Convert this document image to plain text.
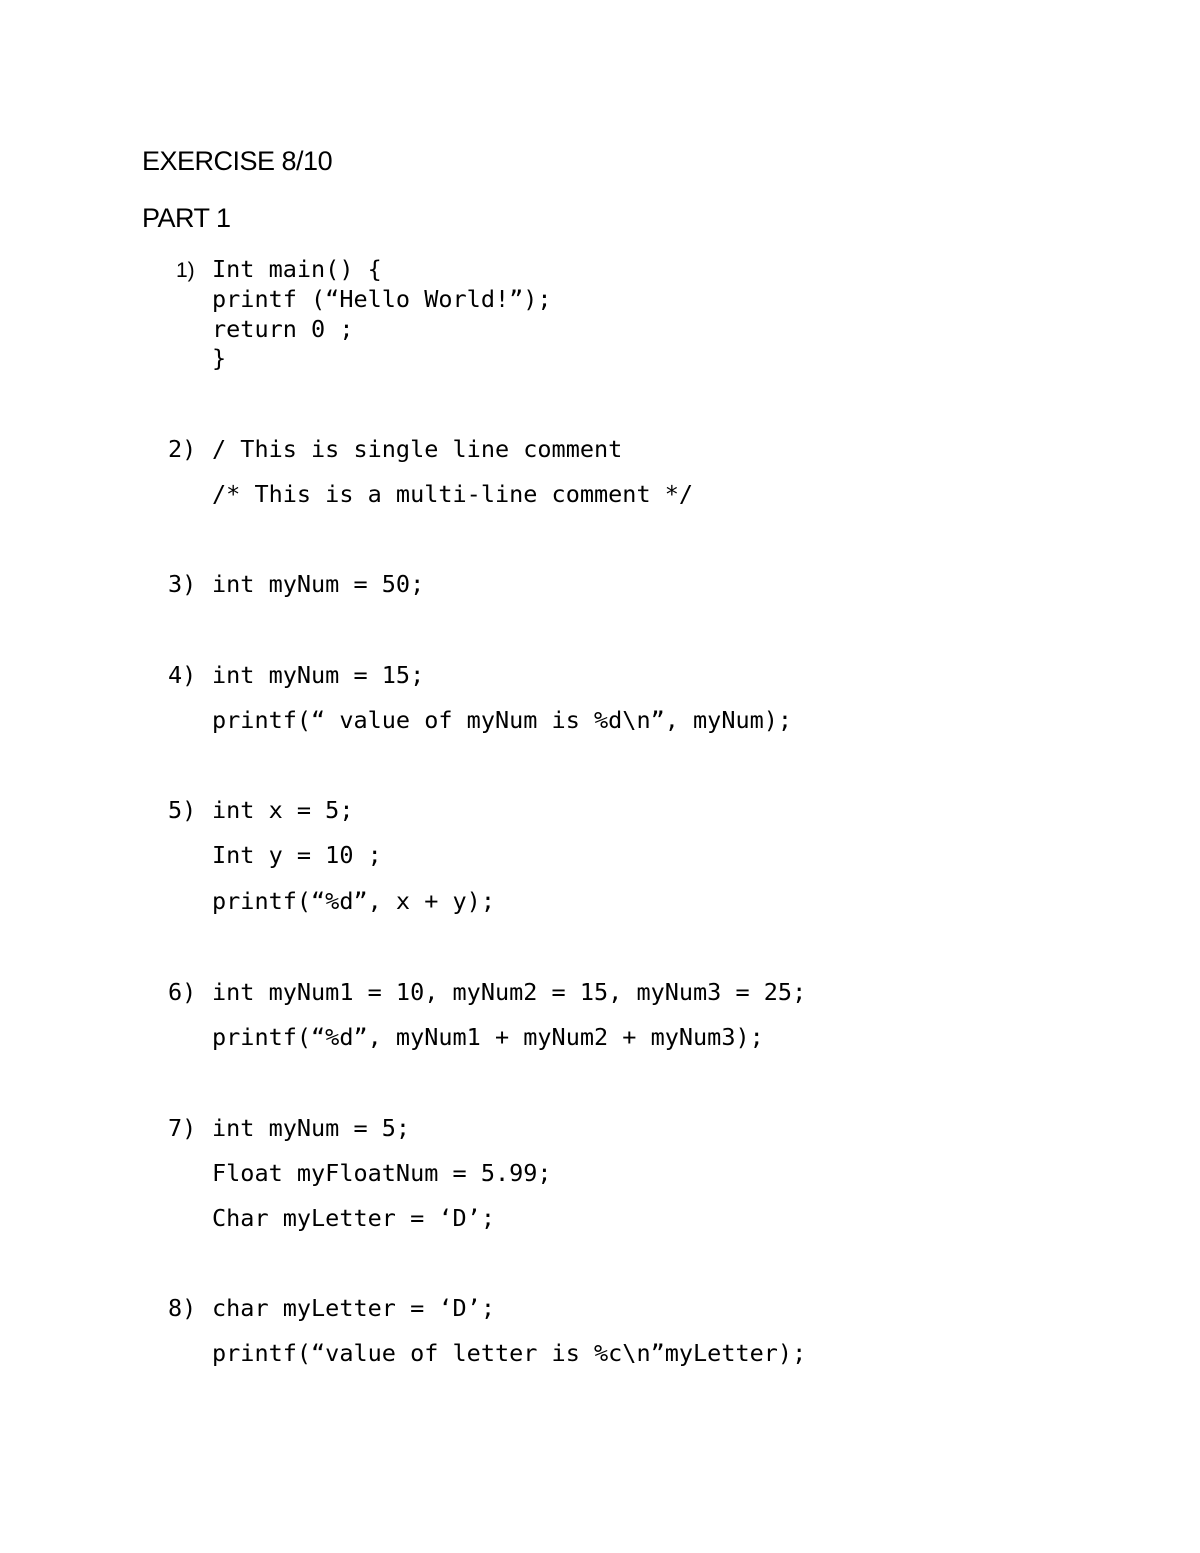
EXERCISE 8/10
PART 1
1) Int main() {
printf (“Hello World!”);
return 0 ;
}
2) / This is single line comment
/* This is a multi-line comment */
3) int myNum = 50;
4) int myNum = 15;
printf(“ value of myNum is %d\n”, myNum);
5) int x = 5;
Int y = 10 ;
printf(“%d”, x + y);
6) int myNum1 = 10, myNum2 = 15, myNum3 = 25;
printf(“%d”, myNum1 + myNum2 + myNum3);
7) int myNum = 5;
Float myFloatNum = 5.99;
Char myLetter = ‘D’;
8) char myLetter = ‘D’;
printf(“value of letter is %c\n”myLetter);
